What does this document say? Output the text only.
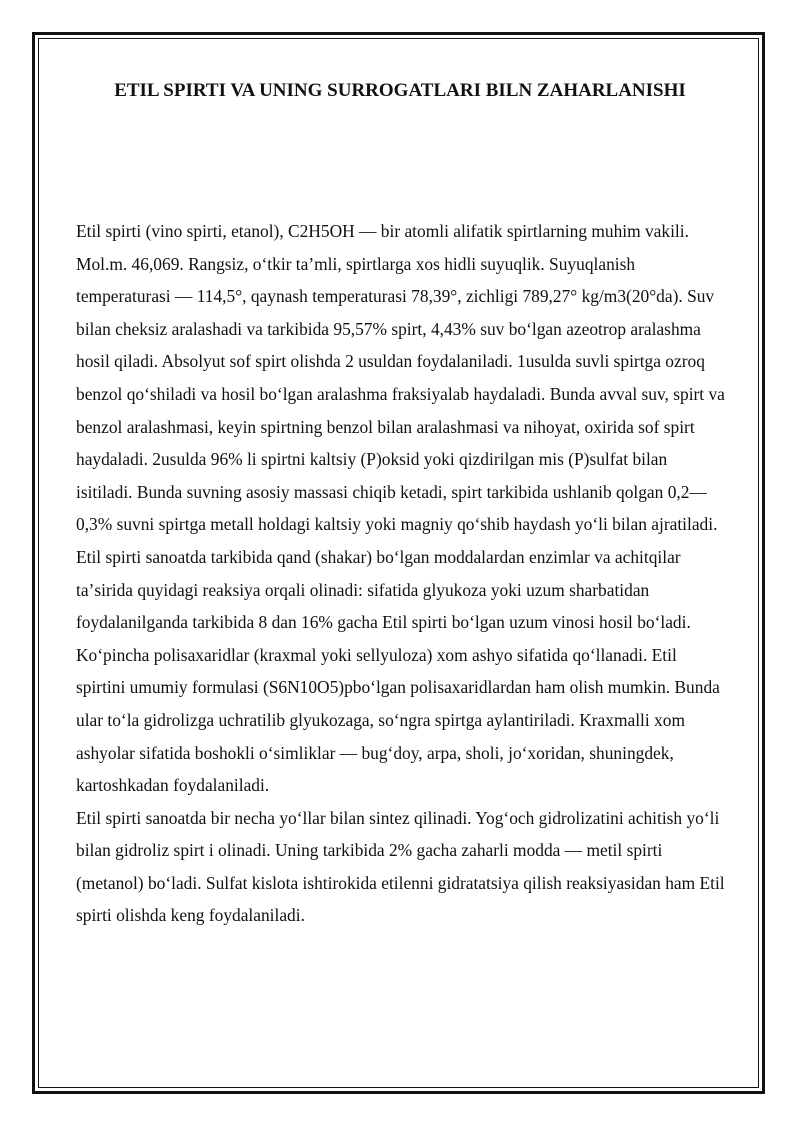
ETIL SPIRTI VA UNING SURROGATLARI BILN ZAHARLANISHI

Etil spirti (vino spirti, etanol), C2H5OH — bir atomli alifatik spirtlarning muhim vakili. Mol.m. 46,069. Rangsiz, oʻtkir taʼmli, spirtlarga xos hidli suyuqlik. Suyuqlanish temperaturasi — 114,5°, qaynash temperaturasi 78,39°, zichligi 789,27° kg/m3(20°da). Suv bilan cheksiz aralashadi va tarkibida 95,57% spirt, 4,43% suv boʻlgan azeotrop aralashma hosil qiladi. Absolyut sof spirt olishda 2 usuldan foydalaniladi. 1usulda suvli spirtga ozroq benzol qoʻshiladi va hosil boʻlgan aralashma fraksiyalab haydaladi. Bunda avval suv, spirt va benzol aralashmasi, keyin spirtning benzol bilan aralashmasi va nihoyat, oxirida sof spirt haydaladi. 2usulda 96% li spirtni kaltsiy (P)oksid yoki qizdirilgan mis (P)sulfat bilan isitiladi. Bunda suvning asosiy massasi chiqib ketadi, spirt tarkibida ushlanib qolgan 0,2— 0,3% suvni spirtga metall holdagi kaltsiy yoki magniy qoʻshib haydash yoʻli bilan ajratiladi.

Etil spirti sanoatda tarkibida qand (shakar) boʻlgan moddalardan enzimlar va achitqilar taʼsirida quyidagi reaksiya orqali olinadi: sifatida glyukoza yoki uzum sharbatidan foydalanilganda tarkibida 8 dan 16% gacha Etil spirti boʻlgan uzum vinosi hosil boʻladi. Koʻpincha polisaxaridlar (kraxmal yoki sellyuloza) xom ashyo sifatida qoʻllanadi. Etil spirtini umumiy formulasi (S6N10O5)pboʻlgan polisaxaridlardan ham olish mumkin. Bunda ular toʻla gidrolizga uchratilib glyukozaga, soʻngra spirtga aylantiriladi. Kraxmalli xom ashyolar sifatida boshokli oʻsimliklar — bugʻdoy, arpa, sholi, joʻxoridan, shuningdek, kartoshkadan foydalaniladi.

Etil spirti sanoatda bir necha yoʻllar bilan sintez qilinadi. Yogʻoch gidrolizatini achitish yoʻli bilan gidroliz spirt i olinadi. Uning tarkibida 2% gacha zaharli modda — metil spirti (metanol) boʻladi. Sulfat kislota ishtirokida etilenni gidratatsiya qilish reaksiyasidan ham Etil spirti olishda keng foydalaniladi.
